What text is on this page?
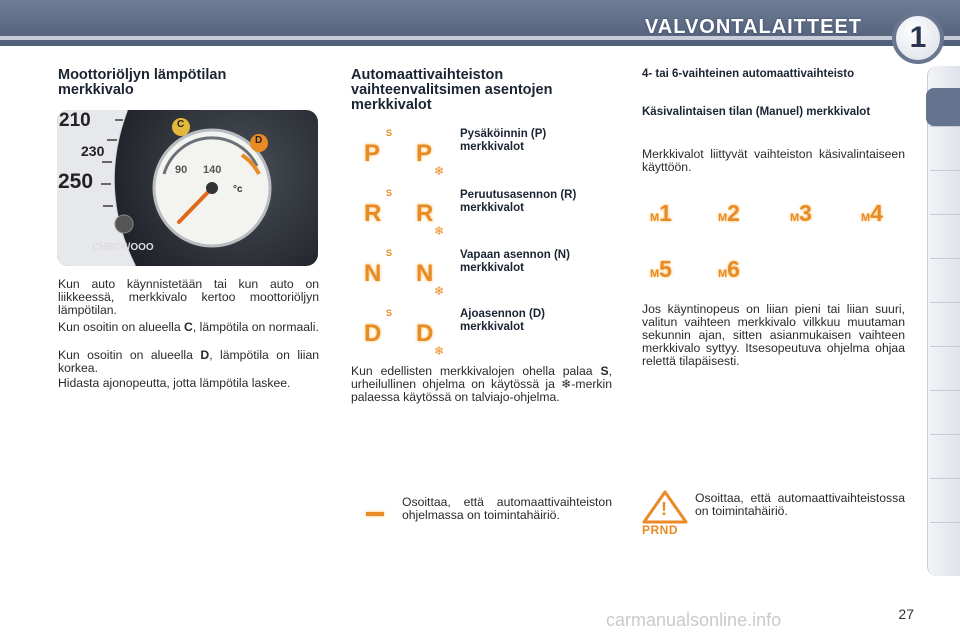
VALVONTALAITTEET	1
Moottoriöljyn lämpötilan merkkivalo
210
230
250	90 140
C
D
°c
CHECK/OOO
Kun auto käynnistetään tai kun auto on liikkeessä, merkkivalo kertoo moottoriöljyn lämpötilan.
Kun osoitin on alueella C, lämpötila on normaali.
Kun osoitin on alueella D, lämpötila on liian korkea.
Hidasta ajonopeutta, jotta lämpötila laskee.
Automaattivaihteiston vaihteenvalitsimen asentojen merkkivalot
S
P P
❄
Pysäköinnin (P) merkkivalot
S
R R
❄
Peruutusasennon (R) merkkivalot
S
N N
❄
Vapaan asennon (N) merkkivalot
S
D D
❄
Ajoasennon (D) merkkivalot
Kun edellisten merkkivalojen ohella palaa S, urheilullinen ohjelma on käytössä ja ❄-merkin palaessa käytössä on talviajo-ohjelma.
Osoittaa, että automaattivaihteiston ohjelmassa on toimintahäiriö.
4- tai 6-vaihteinen automaattivaihteisto
Käsivalintaisen tilan (Manuel) merkkivalot
Merkkivalot liittyvät vaihteiston käsivalintaiseen käyttöön.
M1	M2	M3	M4
M5	M6
Jos käyntinopeus on liian pieni tai liian suuri, valitun vaihteen merkkivalo vilkkuu muutaman sekunnin ajan, sitten asianmukaisen vaihteen merkkivalo syttyy. Itsesopeutuva ohjelma ohjaa relettä tilapäisesti.
!
PRND
Osoittaa, että automaattivaihteistossa on toimintahäiriö.
27
carmanualsonline.info
